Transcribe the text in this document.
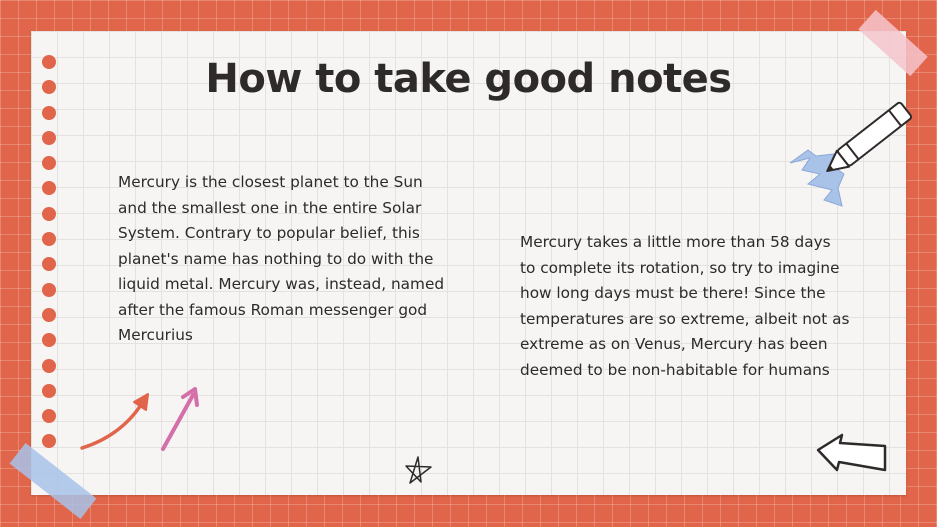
How to take good notes

Mercury is the closest planet to the Sun and the smallest one in the entire Solar System. Contrary to popular belief, this planet's name has nothing to do with the liquid metal. Mercury was, instead, named after the famous Roman messenger god Mercurius

Mercury takes a little more than 58 days to complete its rotation, so try to imagine how long days must be there! Since the temperatures are so extreme, albeit not as extreme as on Venus, Mercury has been deemed to be non-habitable for humans
